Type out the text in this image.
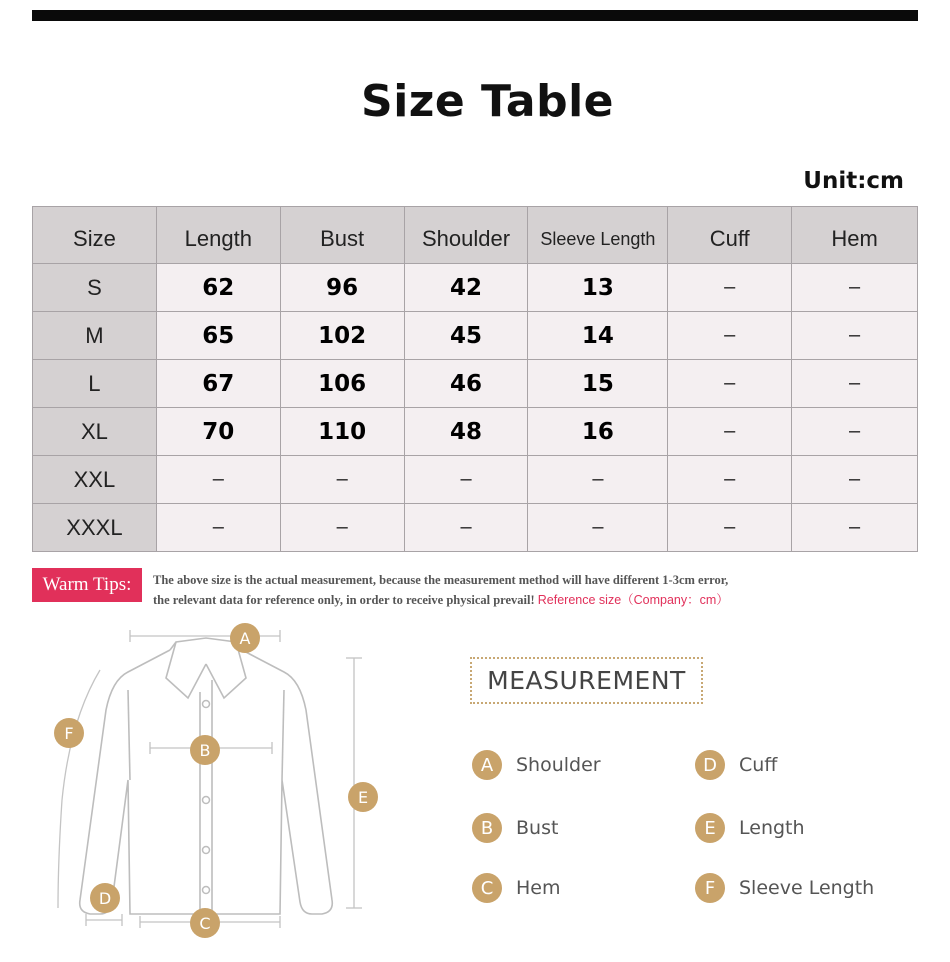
Size Table
Unit:cm
Size	Length	Bust	Shoulder	Sleeve Length	Cuff	Hem
S	62	96	42	13	–	–
M	65	102	45	14	–	–
L	67	106	46	15	–	–
XL	70	110	48	16	–	–
XXL	–	–	–	–	–	–
XXXL	–	–	–	–	–	–
Warm Tips:	The above size is the actual measurement, because the measurement method will have different 1-3cm error,
the relevant data for reference only, in order to receive physical prevail! Reference size（Company：cm）
A
B
C
D
E
F
MEASUREMENT
A	Shoulder	D	Cuff
B	Bust	E	Length
C	Hem	F	Sleeve Length
